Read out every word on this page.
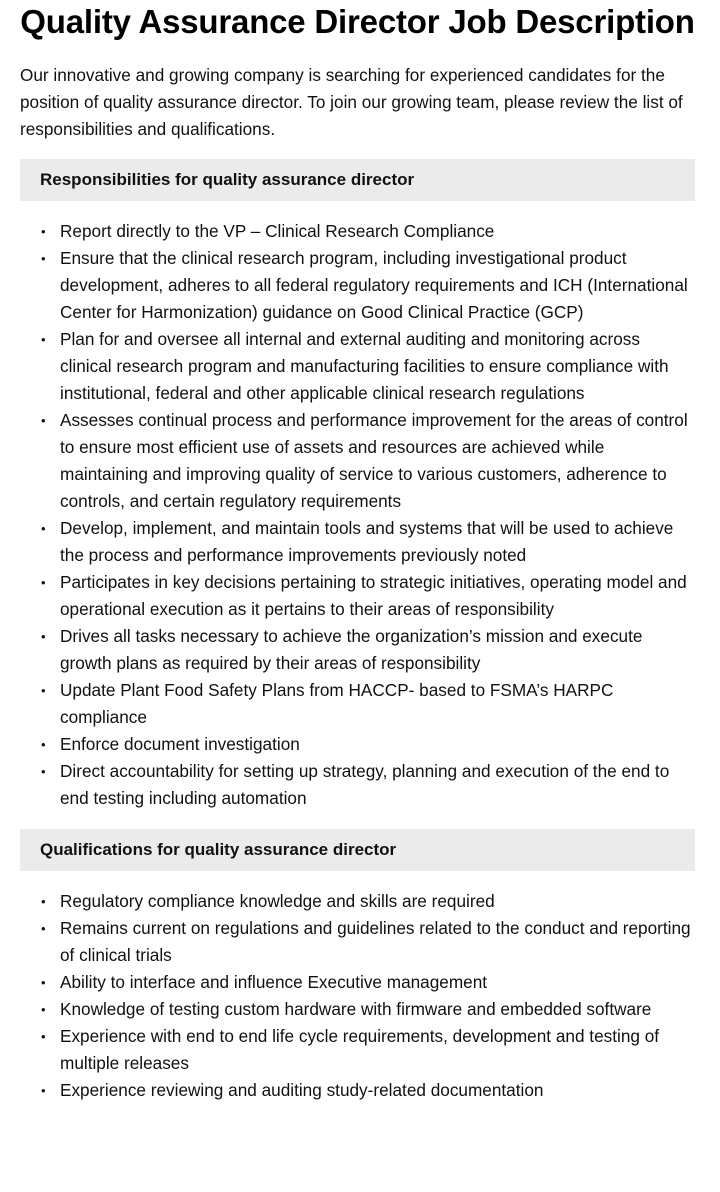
Quality Assurance Director Job Description

Our innovative and growing company is searching for experienced candidates for the position of quality assurance director. To join our growing team, please review the list of responsibilities and qualifications.

Responsibilities for quality assurance director
• Report directly to the VP – Clinical Research Compliance
• Ensure that the clinical research program, including investigational product development, adheres to all federal regulatory requirements and ICH (International Center for Harmonization) guidance on Good Clinical Practice (GCP)
• Plan for and oversee all internal and external auditing and monitoring across clinical research program and manufacturing facilities to ensure compliance with institutional, federal and other applicable clinical research regulations
• Assesses continual process and performance improvement for the areas of control to ensure most efficient use of assets and resources are achieved while maintaining and improving quality of service to various customers, adherence to controls, and certain regulatory requirements
• Develop, implement, and maintain tools and systems that will be used to achieve the process and performance improvements previously noted
• Participates in key decisions pertaining to strategic initiatives, operating model and operational execution as it pertains to their areas of responsibility
• Drives all tasks necessary to achieve the organization’s mission and execute growth plans as required by their areas of responsibility
• Update Plant Food Safety Plans from HACCP- based to FSMA’s HARPC compliance
• Enforce document investigation
• Direct accountability for setting up strategy, planning and execution of the end to end testing including automation
Qualifications for quality assurance director
• Regulatory compliance knowledge and skills are required
• Remains current on regulations and guidelines related to the conduct and reporting of clinical trials
• Ability to interface and influence Executive management
• Knowledge of testing custom hardware with firmware and embedded software
• Experience with end to end life cycle requirements, development and testing of multiple releases
• Experience reviewing and auditing study-related documentation
